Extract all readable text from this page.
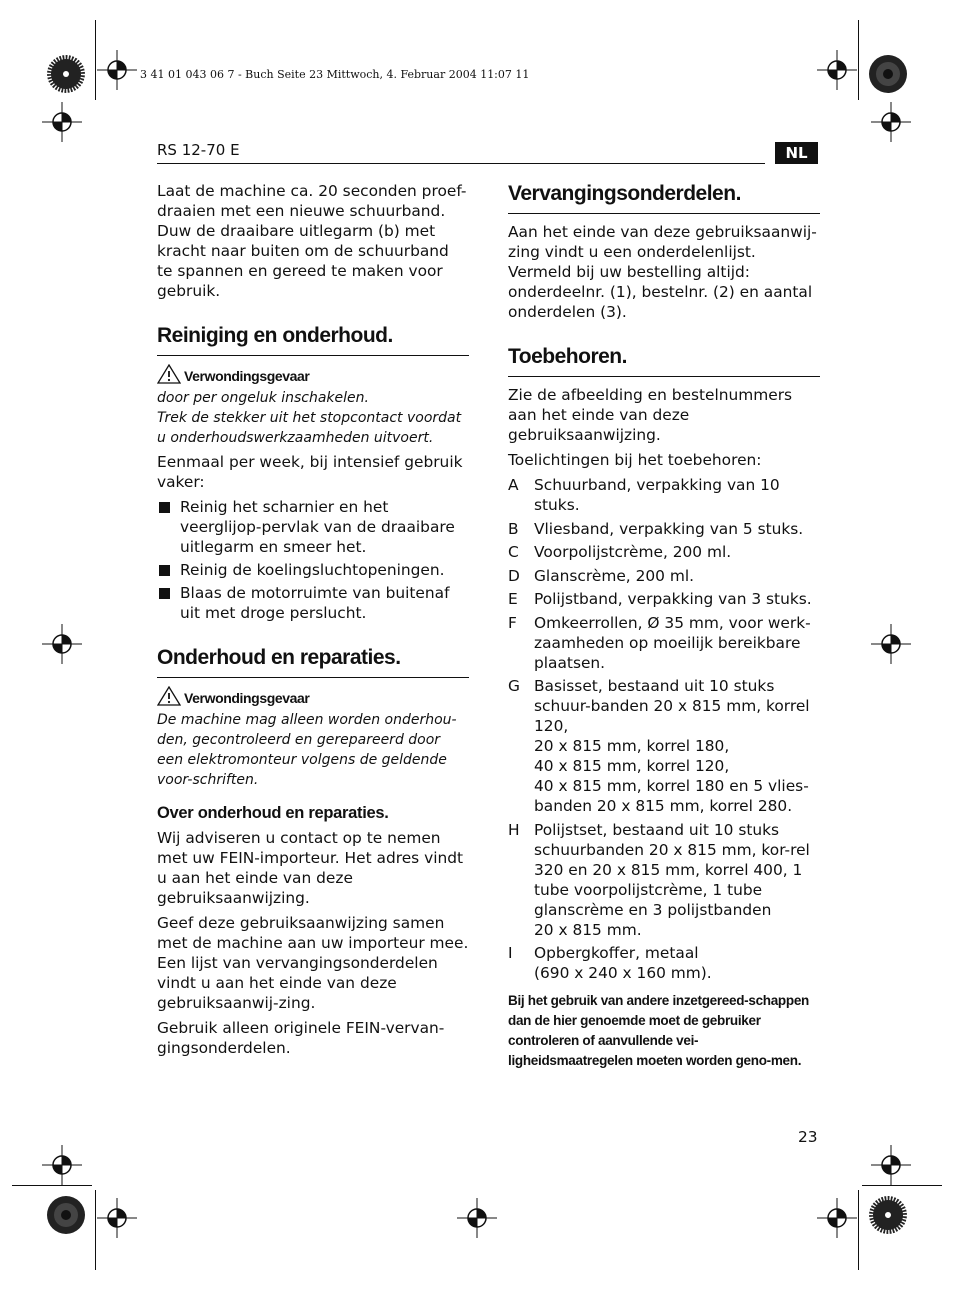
3 41 01 043 06 7 - Buch Seite 23 Mittwoch, 4. Februar 2004 11:07 11
RS 12-70 E	NL

Laat de machine ca. 20 seconden proef-draaien met een nieuwe schuurband. Duw de draaibare uitlegarm (b) met kracht naar buiten om de schuurband te spannen en gereed te maken voor gebruik.

Reiniging en onderhoud.
Verwondingsgevaar

door per ongeluk inschakelen.
Trek de stekker uit het stopcontact voordat u onderhoudswerkzaamheden uitvoert.

Eenmaal per week, bij intensief gebruik vaker:

Reinig het scharnier en het veerglijop-pervlak van de draaibare uitlegarm en smeer het.
Reinig de koelingsluchtopeningen.
Blaas de motorruimte van buitenaf uit met droge perslucht.
Onderhoud en reparaties.
Verwondingsgevaar

De machine mag alleen worden onderhou-den, gecontroleerd en gerepareerd door een elektromonteur volgens de geldende voor-schriften.

Over onderhoud en reparaties.

Wij adviseren u contact op te nemen met uw FEIN-importeur. Het adres vindt u aan het einde van deze gebruiksaanwijzing.

Geef deze gebruiksaanwijzing samen met de machine aan uw importeur mee. Een lijst van vervangingsonderdelen vindt u aan het einde van deze gebruiksaanwij-zing.

Gebruik alleen originele FEIN-vervan-gingsonderdelen.

Vervangingsonderdelen.

Aan het einde van deze gebruiksaanwij-zing vindt u een onderdelenlijst. Vermeld bij uw bestelling altijd: onderdeelnr. (1), bestelnr. (2) en aantal onderdelen (3).

Toebehoren.

Zie de afbeelding en bestelnummers aan het einde van deze gebruiksaanwijzing.

Toelichtingen bij het toebehoren:

A	Schuurband, verpakking van 10 stuks.
B	Vliesband, verpakking van 5 stuks.
C Voorpolijstcrème, 200 ml.
D Glanscrème, 200 ml.
E	Polijstband, verpakking van 3 stuks.
F	Omkeerrollen, Ø 35 mm, voor werk-zaamheden op moeilijk bereikbare plaatsen.
G Basisset, bestaand uit 10 stuks schuur-banden 20 x 815 mm, korrel 120,
20 x 815 mm, korrel 180,
40 x 815 mm, korrel 120,
40 x 815 mm, korrel 180 en 5 vlies-banden 20 x 815 mm, korrel 280.
H Polijstset, bestaand uit 10 stuks schuurbanden 20 x 815 mm, kor-rel 320 en 20 x 815 mm, korrel 400, 1 tube voorpolijstcrème, 1 tube glanscrème en 3 polijstbanden
20 x 815 mm.
I	Opbergkoffer, metaal
(690 x 240 x 160 mm).
Bij het gebruik van andere inzetgereed-schappen dan de hier genoemde moet de gebruiker controleren of aanvullende vei-ligheidsmaatregelen moeten worden geno-men.
23
